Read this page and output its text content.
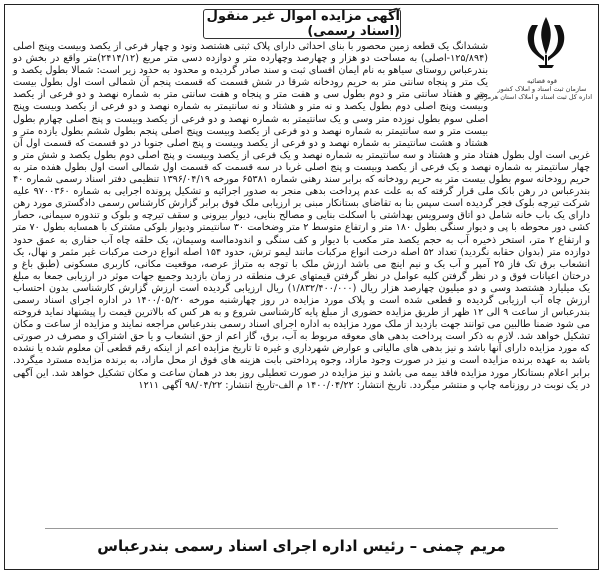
آگهی مزایده اموال غیر منقول (اسناد رسمی)
قوه قضائیه
سازمان ثبت اسناد و املاک کشور
اداره کل ثبت اسناد و املاک استان هرمزگان
ششدانگ یک قطعه زمین محصور با بنای احداثی دارای پلاک ثبتی هشتصد ونود و چهار فرعی از یکصد وبیست وپنج اصلی (۱۲۵/۸۹۴-اصلی) به مساحت دو هزار و چهارصد وچهارده متر و دوازده دسی متر مربع (۲۴۱۴/۱۲)متر واقع در بخش دو بندرعباس روستای سیاهو به نام ایمان افسای ثبت و سند صادر گردیده و محدود به حدود زیر است: شمالا بطول یکصد و یک متر و پنجاه سانتی متر به حریم رودخانه شرقا در شش قسمت که قسمت پنجم آن شمالی است اول بطول بیست متر و هفتاد سانتی متر و دوم بطول سی و هفت متر و پنجاه و هفت سانتی متر به شماره نهصد و دو فرعی از یکصد وبیست وپنج اصلی دوم بطول یکصد و نه متر و هشتاد و نه سانتیمتر به شماره نهصد و دو فرعی از یکصد وبیست وپنج اصلی سوم بطول نوزده متر وسی و یک سانتیمتر به شماره نهصد و دو فرعی از یکصد وبیست و پنج اصلی چهارم بطول بیست متر و سه سانتیمتر به شماره نهصد و دو فرعی از یکصد وبیست وپنج اصلی پنجم بطول ششم بطول یازده متر و هشتاد و هشت سانتیمتر به شماره نهصد و دو فرعی از یکصد وبیست و پنج اصلی جنوبا در دو قسمت که قسمت اول آن غربی است اول بطول هفتاد متر و هشتاد و سه سانتیمتر به شماره نهصد و یک فرعی از یکصد وبیست و پنج اصلی دوم بطول یکصد و شش متر و چهار سانتیمتر به شماره نهصد و یک فرعی از یکصد وبیست و پنج اصلی غربا در سه قسمت که قسمت اول شمالی است اول بطول هفده متر به حریم رودخانه سوم بطول بیست متر به حریم رودخانه که برابر سند رهنی شماره ۶۵۳۸۱ مورخه ۱۳۹۶/۰۴/۱۹ تنظیمی دفتر اسناد رسمی شماره ۴۰ بندرعباس در رهن بانک ملی قرار گرفته که به علت عدم پرداخت بدهی منجر به صدور اجرائیه و تشکیل پرونده اجرایی به شماره ۹۷۰۰۳۶۰ علیه شرکت تیرچه بلوک فجر گردیده است سپس بنا به تقاضای بستانکار مبنی بر ارزیابی ملک فوق برابر گزارش کارشناس رسمی دادگستری مورد رهن دارای یک باب خانه شامل دو اتاق وسرویس بهداشتی با اسکلت بنایی و مصالح بنایی، دیوار بیرونی و سقف تیرچه و بلوک و تندوره سیمانی، حصار کشی دور محوطه با پی و دیوار سنگی بطول ۱۸۰ متر و ارتفاع متوسط ۲ متر وضخامت ۳۰ سانتیمتر ودیوار بلوکی مشترک با همسایه بطول ۷۰ متر و ارتفاع ۲ متر، استخر ذخیره آب به حجم یکصد متر مکعب با دیوار و کف سنگی و اندودمااسه وسیمان، یک حلقه چاه آب حفاری به عمق حدود دوازده متر (بدوان حقابه نگردید) تعداد ۵۲ اصله درخت انواع مرکبات مانند لیمو ترش، حدود ۱۵۴ اصله انواع درخت مرکبات غیر مثمر و نهال، یک انشعاب برق تک فاز ۲۵ آمپر و آب یک و نیم اینچ می باشد ارزش ملک با توجه به متراژ عرصه، موقعیت مکانی، کاربری مسکونی (طبق باغ و درختان اعیانات فوق و در نظر گرفتن کلیه عوامل در نظر گرفتن قیمتهای عرف منطقه در زمان بازدید وجمیع جهات موثر در ارزیابی جمعا به مبلغ یک میلیارد هشتصد وسی و دو میلیون چهارصد هزار ریال (۱/۸۳۲/۴۰۰/۰۰۰) ریال ارزیابی گردیده است ارزش گزارش کارشناسی بدون احتساب ارزش چاه آب ارزیابی گردیده و قطعی شده است و پلاک مورد مزایده در روز چهارشنبه مورخه ۱۴۰۰/۰۵/۲۰ در اداره اجرای اسناد رسمی بندرعباس از ساعت ۹ الی ۱۲ ظهر از طریق مزایده حضوری از مبلغ پایه کارشناسی شروع و به هر کس که بالاترین قیمت را پیشنهاد نماید فروخته می شود ضمنا طالبین می توانند جهت بازدید از ملک مورد مزایده به اداره اجرای اسناد رسمی بندرعباس مراجعه نمایند و مزایده از ساعت و مکان تشکیل خواهد شد. لازم به ذکر است پرداخت بدهی های معوقه مربوط به آب، برق، گاز اعم از حق انشعاب و یا حق اشتراک و مصرف در صورتی که مورد مزایده دارای آنها باشد و نیز بدهی های مالیاتی و عوارض شهرداری و غیره تا تاریخ مزایده اعم از اینکه رقم قطعی آن معلوم شده یا نشده باشد به عهده برنده مزایده است و نیز در صورت وجود مازاد، وجوه پرداختی بابت هزینه های فوق از محل مازاد، به برنده مزایده مسترد میگردد. برابر اعلام بستانکار مورد مزایده فاقد بیمه می باشد و نیز مزایده در صورت تعطیلی روز بعد در همان ساعت و مکان تشکیل خواهد شد. این آگهی در یک نوبت در روزنامه چاپ و منتشر میگردد. تاریخ انتشار: ۱۴۰۰/۰۴/۲۲ م الف-تاریخ انتشار: ۹۸/۰۴/۲۲ آگهی ۱۲۱۱
مریم چمنی – رئیس اداره اجرای اسناد رسمی بندرعباس
